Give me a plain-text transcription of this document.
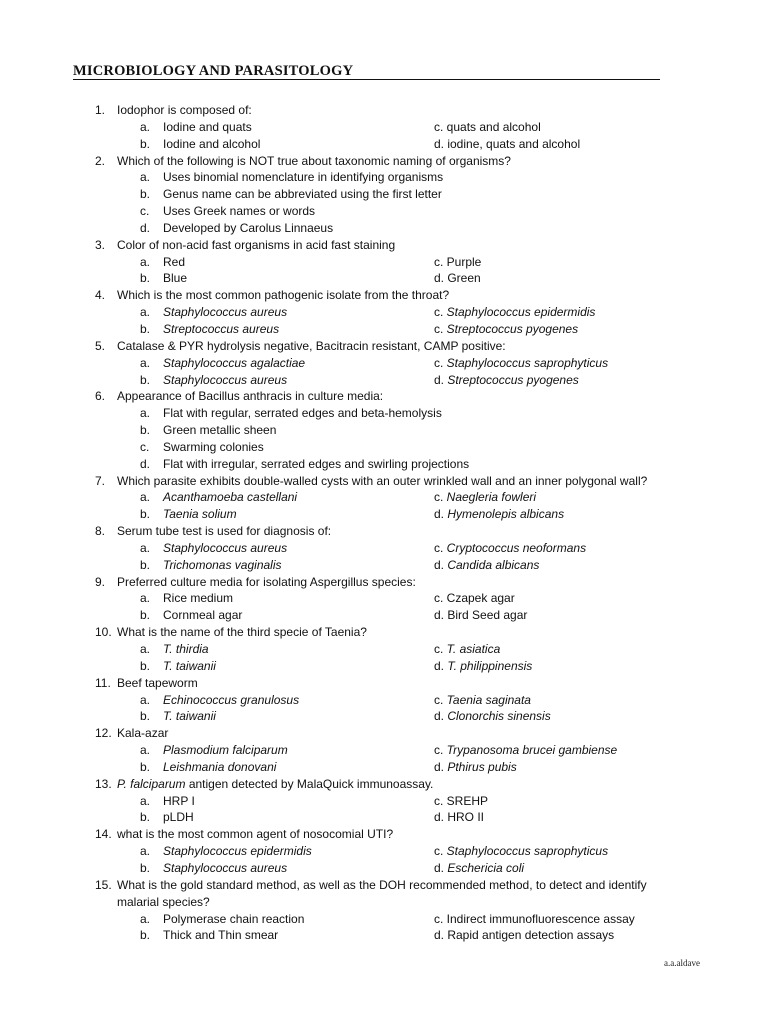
MICROBIOLOGY AND PARASITOLOGY
1. Iodophor is composed of:
a. Iodine and quats	c. quats and alcohol
b. Iodine and alcohol	d. iodine, quats and alcohol
2. Which of the following is NOT true about taxonomic naming of organisms?
a. Uses binomial nomenclature in identifying organisms
b. Genus name can be abbreviated using the first letter
c. Uses Greek names or words
d. Developed by Carolus Linnaeus
3. Color of non-acid fast organisms in acid fast staining
a. Red	c. Purple
b. Blue	d. Green
4. Which is the most common pathogenic isolate from the throat?
a. Staphylococcus aureus	c. Staphylococcus epidermidis
b. Streptococcus aureus	c. Streptococcus pyogenes
5. Catalase & PYR hydrolysis negative, Bacitracin resistant, CAMP positive:
a. Staphylococcus agalactiae	c. Staphylococcus saprophyticus
b. Staphylococcus aureus	d. Streptococcus pyogenes
6. Appearance of Bacillus anthracis in culture media:
a. Flat with regular, serrated edges and beta-hemolysis
b. Green metallic sheen
c. Swarming colonies
d. Flat with irregular, serrated edges and swirling projections
7. Which parasite exhibits double-walled cysts with an outer wrinkled wall and an inner polygonal wall?
a. Acanthamoeba castellani	c. Naegleria fowleri
b. Taenia solium	d. Hymenolepis albicans
8. Serum tube test is used for diagnosis of:
a. Staphylococcus aureus	c. Cryptococcus neoformans
b. Trichomonas vaginalis	d. Candida albicans
9. Preferred culture media for isolating Aspergillus species:
a. Rice medium	c. Czapek agar
b. Cornmeal agar	d. Bird Seed agar
10. What is the name of the third specie of Taenia?
a. T. thirdia	c. T. asiatica
b. T. taiwanii	d. T. philippinensis
11. Beef tapeworm
a. Echinococcus granulosus	c. Taenia saginata
b. T. taiwanii	d. Clonorchis sinensis
12. Kala-azar
a. Plasmodium falciparum	c. Trypanosoma brucei gambiense
b. Leishmania donovani	d. Pthirus pubis
13. P. falciparum antigen detected by MalaQuick immunoassay.
a. HRP I	c. SREHP
b. pLDH	d. HRO II
14. what is the most common agent of nosocomial UTI?
a. Staphylococcus epidermidis	c. Staphylococcus saprophyticus
b. Staphylococcus aureus	d. Eschericia coli
15. What is the gold standard method, as well as the DOH recommended method, to detect and identify
malarial species?
a. Polymerase chain reaction	c. Indirect immunofluorescence assay
b. Thick and Thin smear	d. Rapid antigen detection assays
a.a.aldave
